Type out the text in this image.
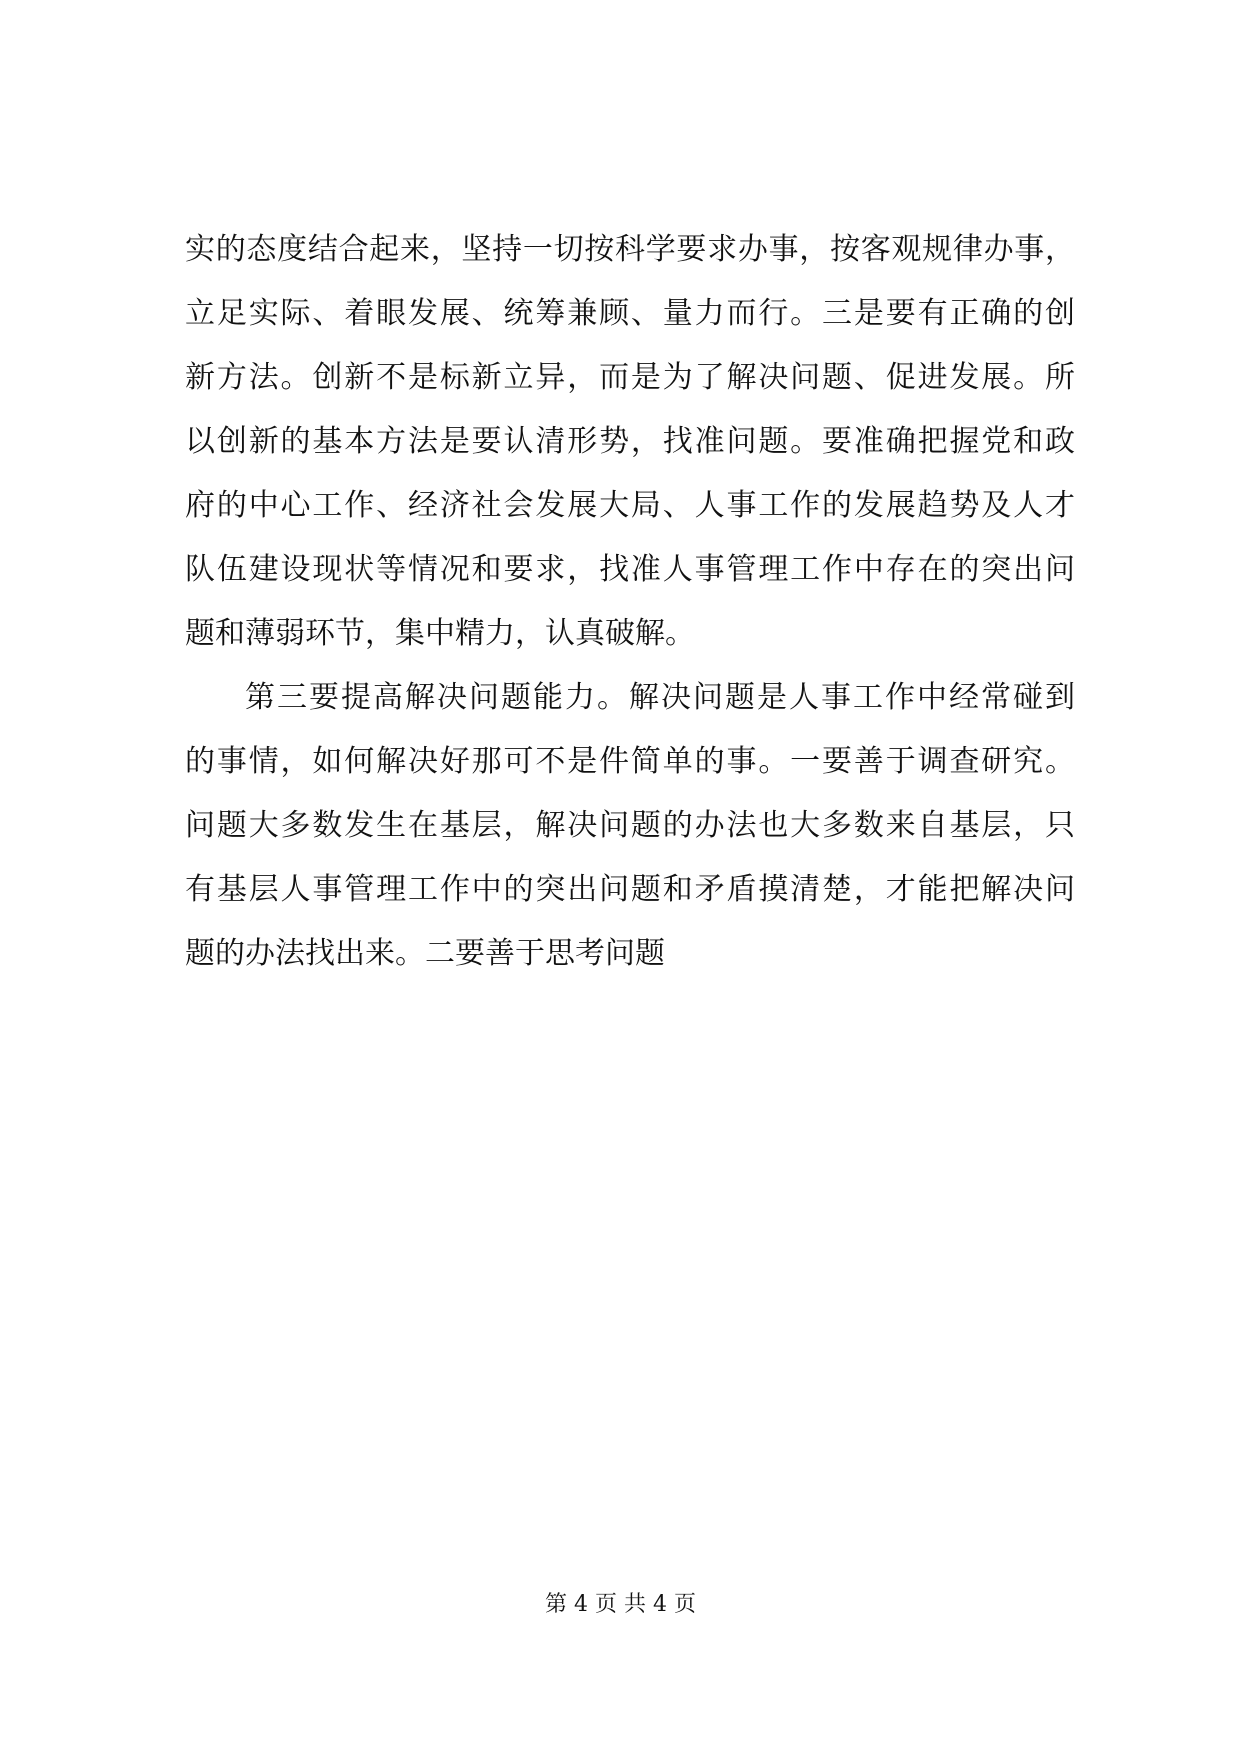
实的态度结合起来，坚持一切按科学要求办事，按客观规律办事，
立足实际、着眼发展、统筹兼顾、量力而行。三是要有正确的创
新方法。创新不是标新立异，而是为了解决问题、促进发展。所
以创新的基本方法是要认清形势，找准问题。要准确把握党和政
府的中心工作、经济社会发展大局、人事工作的发展趋势及人才
队伍建设现状等情况和要求，找准人事管理工作中存在的突出问
题和薄弱环节，集中精力，认真破解。
第三要提高解决问题能力。解决问题是人事工作中经常碰到
的事情，如何解决好那可不是件简单的事。一要善于调查研究。
问题大多数发生在基层，解决问题的办法也大多数来自基层，只
有基层人事管理工作中的突出问题和矛盾摸清楚，才能把解决问
题的办法找出来。二要善于思考问题
第 4 页 共 4 页
